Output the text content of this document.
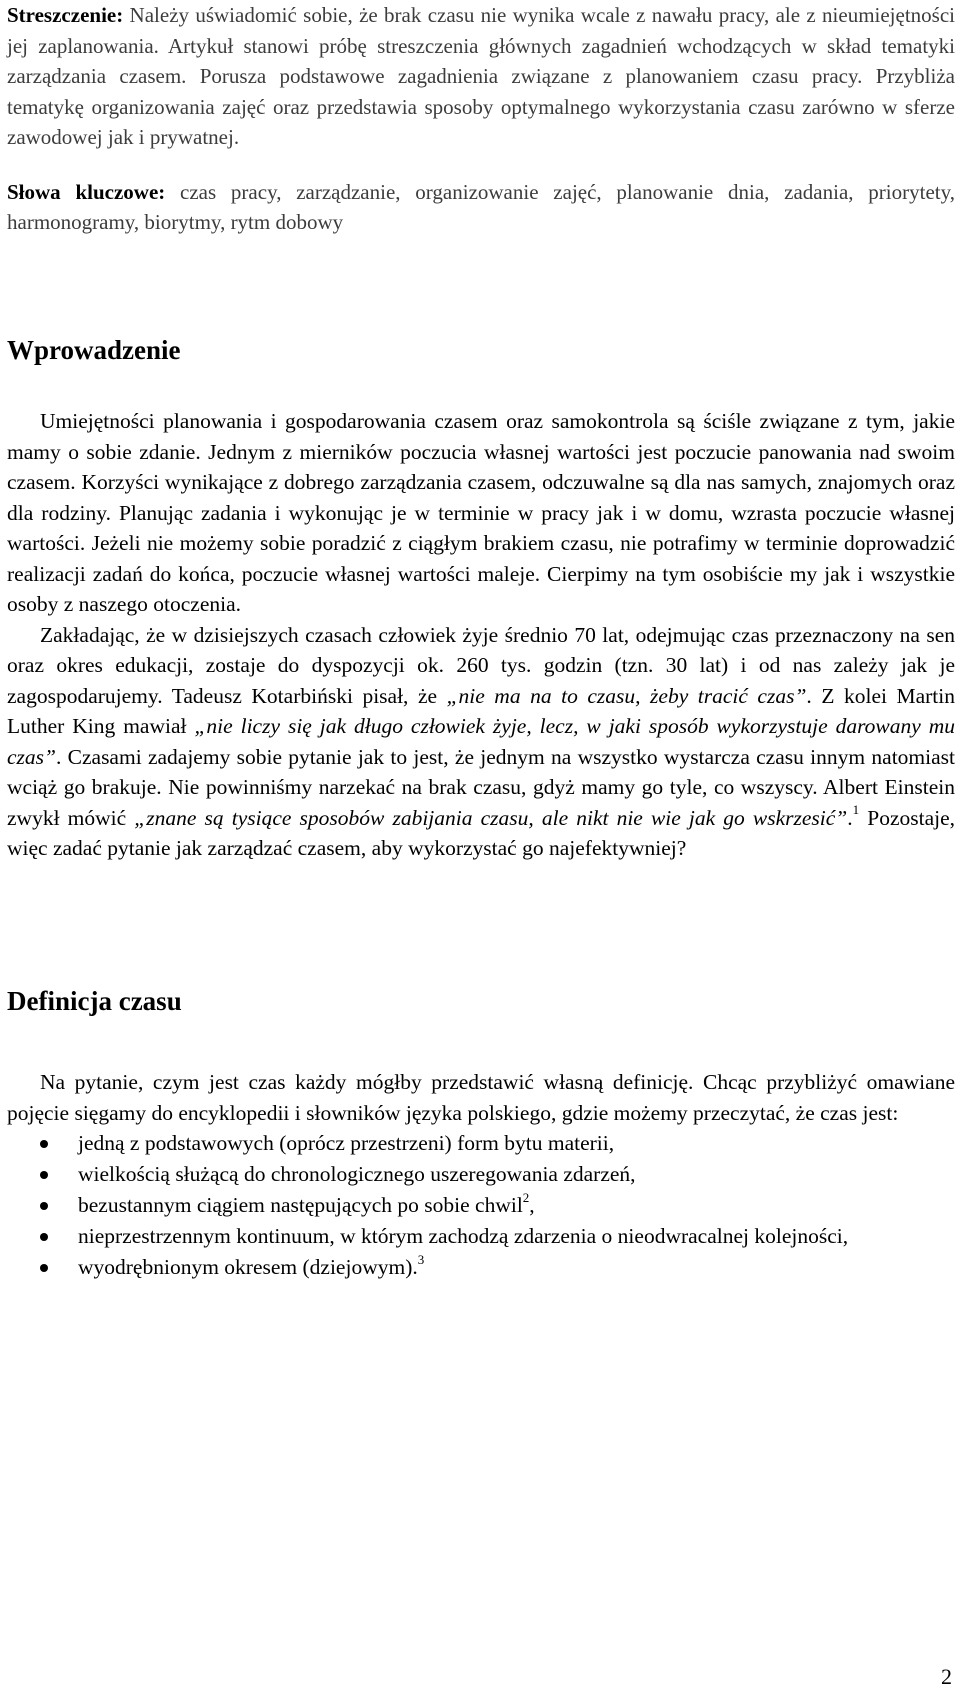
Streszczenie: Należy uświadomić sobie, że brak czasu nie wynika wcale z nawału pracy, ale z nieumiejętności jej zaplanowania. Artykuł stanowi próbę streszczenia głównych zagadnień wchodzących w skład tematyki zarządzania czasem. Porusza podstawowe zagadnienia związane z planowaniem czasu pracy. Przybliża tematykę organizowania zajęć oraz przedstawia sposoby optymalnego wykorzystania czasu zarówno w sferze zawodowej jak i prywatnej.

Słowa kluczowe: czas pracy, zarządzanie, organizowanie zajęć, planowanie dnia, zadania, priorytety, harmonogramy, biorytmy, rytm dobowy

Wprowadzenie

Umiejętności planowania i gospodarowania czasem oraz samokontrola są ściśle związane z tym, jakie mamy o sobie zdanie. Jednym z mierników poczucia własnej wartości jest poczucie panowania nad swoim czasem. Korzyści wynikające z dobrego zarządzania czasem, odczuwalne są dla nas samych, znajomych oraz dla rodziny. Planując zadania i wykonując je w terminie w pracy jak i w domu, wzrasta poczucie własnej wartości. Jeżeli nie możemy sobie poradzić z ciągłym brakiem czasu, nie potrafimy w terminie doprowadzić realizacji zadań do końca, poczucie własnej wartości maleje. Cierpimy na tym osobiście my jak i wszystkie osoby z naszego otoczenia.

Zakładając, że w dzisiejszych czasach człowiek żyje średnio 70 lat, odejmując czas przeznaczony na sen oraz okres edukacji, zostaje do dyspozycji ok. 260 tys. godzin (tzn. 30 lat) i od nas zależy jak je zagospodarujemy. Tadeusz Kotarbiński pisał, że „nie ma na to czasu, żeby tracić czas”. Z kolei Martin Luther King mawiał „nie liczy się jak długo człowiek żyje, lecz, w jaki sposób wykorzystuje darowany mu czas”. Czasami zadajemy sobie pytanie jak to jest, że jednym na wszystko wystarcza czasu innym natomiast wciąż go brakuje. Nie powinniśmy narzekać na brak czasu, gdyż mamy go tyle, co wszyscy. Albert Einstein zwykł mówić „znane są tysiące sposobów zabijania czasu, ale nikt nie wie jak go wskrzesić”.$^1$ Pozostaje, więc zadać pytanie jak zarządzać czasem, aby wykorzystać go najefektywniej?

Definicja czasu

Na pytanie, czym jest czas każdy mógłby przedstawić własną definicję. Chcąc przybliżyć omawiane pojęcie sięgamy do encyklopedii i słowników języka polskiego, gdzie możemy przeczytać, że czas jest:

jedną z podstawowych (oprócz przestrzeni) form bytu materii,
wielkością służącą do chronologicznego uszeregowania zdarzeń,
bezustannym ciągiem następujących po sobie chwil$^2$,
nieprzestrzennym kontinuum, w którym zachodzą zdarzenia o nieodwracalnej kolejności,
wyodrębnionym okresem (dziejowym).$^3$
2
